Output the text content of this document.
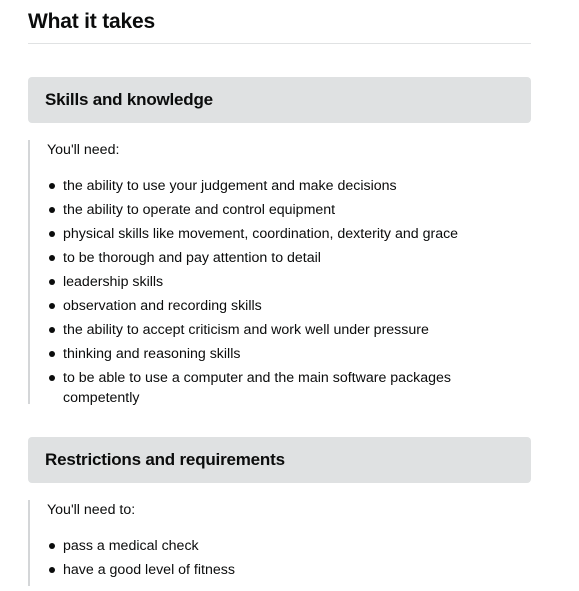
What it takes
Skills and knowledge

You'll need:

the ability to use your judgement and make decisions
the ability to operate and control equipment
physical skills like movement, coordination, dexterity and grace
to be thorough and pay attention to detail
leadership skills
observation and recording skills
the ability to accept criticism and work well under pressure
thinking and reasoning skills
to be able to use a computer and the main software packages competently
Restrictions and requirements

You'll need to:

pass a medical check
have a good level of fitness
